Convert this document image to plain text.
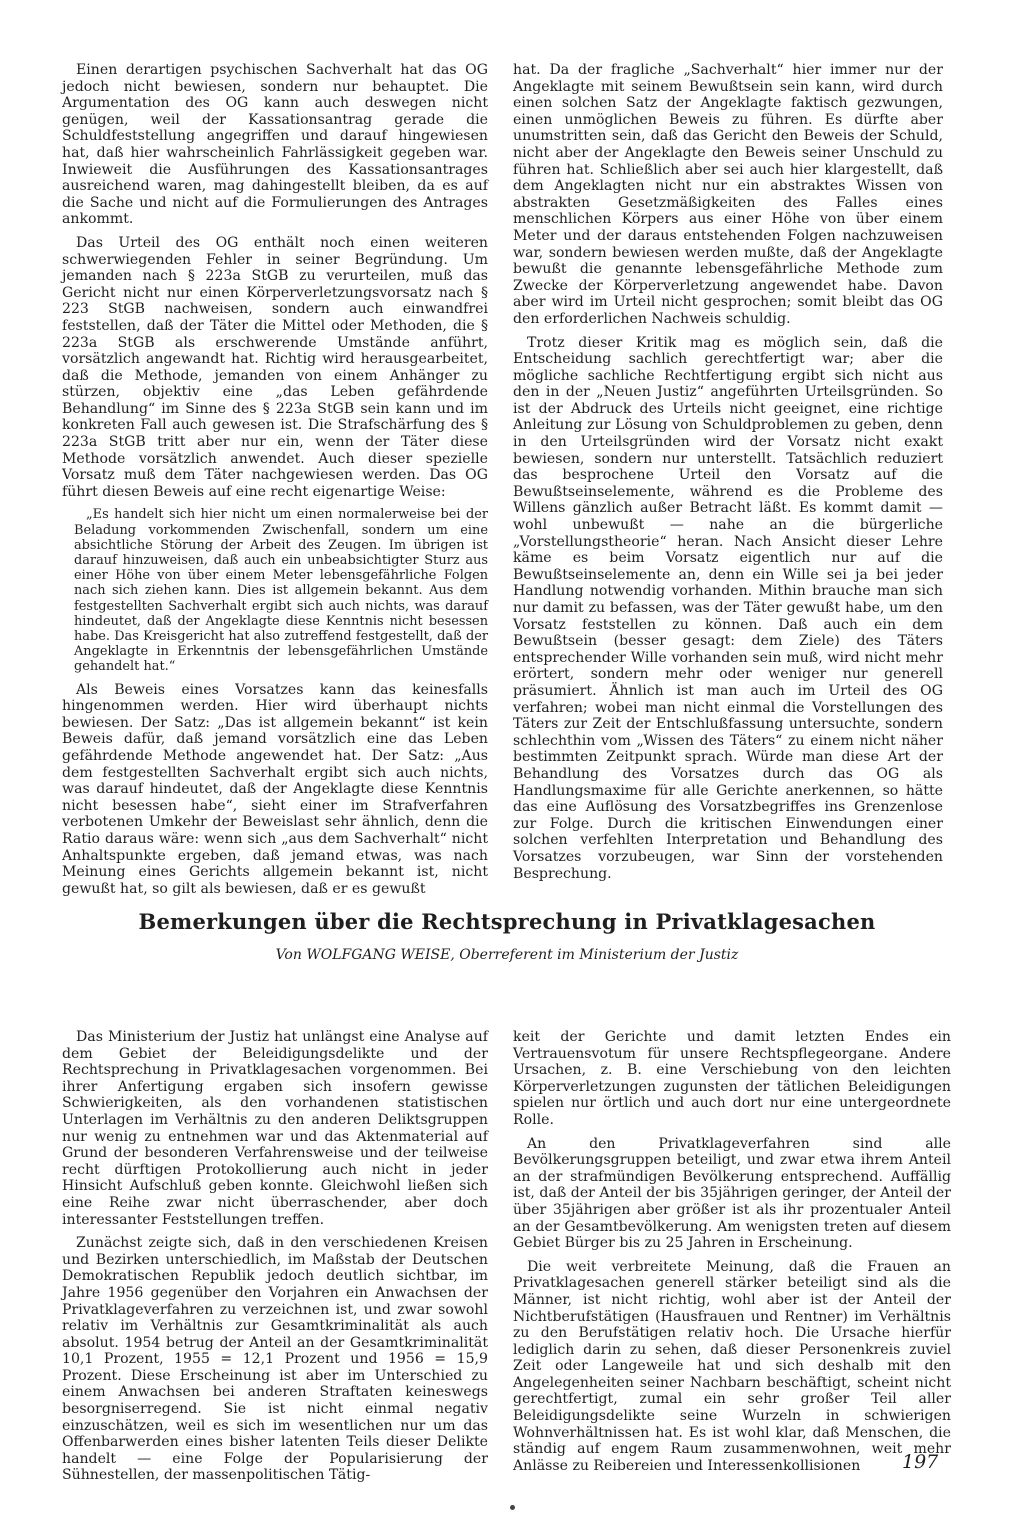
Einen derartigen psychischen Sachverhalt hat das OG jedoch nicht bewiesen, sondern nur behauptet. Die Argumentation des OG kann auch deswegen nicht genügen, weil der Kassationsantrag gerade die Schuldfeststellung angegriffen und darauf hingewiesen hat, daß hier wahrscheinlich Fahrlässigkeit gegeben war. Inwieweit die Ausführungen des Kassationsantrages ausreichend waren, mag dahingestellt bleiben, da es auf die Sache und nicht auf die Formulierungen des Antrages ankommt.

Das Urteil des OG enthält noch einen weiteren schwerwiegenden Fehler in seiner Begründung. Um jemanden nach § 223a StGB zu verurteilen, muß das Gericht nicht nur einen Körperverletzungsvorsatz nach § 223 StGB nachweisen, sondern auch einwandfrei feststellen, daß der Täter die Mittel oder Methoden, die § 223a StGB als erschwerende Umstände anführt, vorsätzlich angewandt hat. Richtig wird herausgearbeitet, daß die Methode, jemanden von einem Anhänger zu stürzen, objektiv eine „das Leben gefährdende Behandlung“ im Sinne des § 223a StGB sein kann und im konkreten Fall auch gewesen ist. Die Strafschärfung des § 223a StGB tritt aber nur ein, wenn der Täter diese Methode vorsätzlich anwendet. Auch dieser spezielle Vorsatz muß dem Täter nachgewiesen werden. Das OG führt diesen Beweis auf eine recht eigenartige Weise:

„Es handelt sich hier nicht um einen normalerweise bei der Beladung vorkommenden Zwischenfall, sondern um eine absichtliche Störung der Arbeit des Zeugen. Im übrigen ist darauf hinzuweisen, daß auch ein unbeabsichtigter Sturz aus einer Höhe von über einem Meter lebensgefährliche Folgen nach sich ziehen kann. Dies ist allgemein bekannt. Aus dem festgestellten Sachverhalt ergibt sich auch nichts, was darauf hindeutet, daß der Angeklagte diese Kenntnis nicht besessen habe. Das Kreisgericht hat also zutreffend festgestellt, daß der Angeklagte in Erkenntnis der lebensgefährlichen Umstände gehandelt hat.“

Als Beweis eines Vorsatzes kann das keinesfalls hingenommen werden. Hier wird überhaupt nichts bewiesen. Der Satz: „Das ist allgemein bekannt“ ist kein Beweis dafür, daß jemand vorsätzlich eine das Leben gefährdende Methode angewendet hat. Der Satz: „Aus dem festgestellten Sachverhalt ergibt sich auch nichts, was darauf hindeutet, daß der Angeklagte diese Kenntnis nicht besessen habe“, sieht einer im Strafverfahren verbotenen Umkehr der Beweislast sehr ähnlich, denn die Ratio daraus wäre: wenn sich „aus dem Sachverhalt“ nicht Anhaltspunkte ergeben, daß jemand etwas, was nach Meinung eines Gerichts allgemein bekannt ist, nicht gewußt hat, so gilt als bewiesen, daß er es gewußt

hat. Da der fragliche „Sachverhalt“ hier immer nur der Angeklagte mit seinem Bewußtsein sein kann, wird durch einen solchen Satz der Angeklagte faktisch gezwungen, einen unmöglichen Beweis zu führen. Es dürfte aber unumstritten sein, daß das Gericht den Beweis der Schuld, nicht aber der Angeklagte den Beweis seiner Unschuld zu führen hat. Schließlich aber sei auch hier klargestellt, daß dem Angeklagten nicht nur ein abstraktes Wissen von abstrakten Gesetzmäßigkeiten des Falles eines menschlichen Körpers aus einer Höhe von über einem Meter und der daraus entstehenden Folgen nachzuweisen war, sondern bewiesen werden mußte, daß der Angeklagte bewußt die genannte lebensgefährliche Methode zum Zwecke der Körperverletzung angewendet habe. Davon aber wird im Urteil nicht gesprochen; somit bleibt das OG den erforderlichen Nachweis schuldig.

Trotz dieser Kritik mag es möglich sein, daß die Entscheidung sachlich gerechtfertigt war; aber die mögliche sachliche Rechtfertigung ergibt sich nicht aus den in der „Neuen Justiz“ angeführten Urteilsgründen. So ist der Abdruck des Urteils nicht geeignet, eine richtige Anleitung zur Lösung von Schuldproblemen zu geben, denn in den Urteilsgründen wird der Vorsatz nicht exakt bewiesen, sondern nur unterstellt. Tatsächlich reduziert das besprochene Urteil den Vorsatz auf die Bewußtseinselemente, während es die Probleme des Willens gänzlich außer Betracht läßt. Es kommt damit — wohl unbewußt — nahe an die bürgerliche „Vorstellungstheorie“ heran. Nach Ansicht dieser Lehre käme es beim Vorsatz eigentlich nur auf die Bewußtseinselemente an, denn ein Wille sei ja bei jeder Handlung notwendig vorhanden. Mithin brauche man sich nur damit zu befassen, was der Täter gewußt habe, um den Vorsatz feststellen zu können. Daß auch ein dem Bewußtsein (besser gesagt: dem Ziele) des Täters entsprechender Wille vorhanden sein muß, wird nicht mehr erörtert, sondern mehr oder weniger nur generell präsumiert. Ähnlich ist man auch im Urteil des OG verfahren; wobei man nicht einmal die Vorstellungen des Täters zur Zeit der Entschlußfassung untersuchte, sondern schlechthin vom „Wissen des Täters“ zu einem nicht näher bestimmten Zeitpunkt sprach. Würde man diese Art der Behandlung des Vorsatzes durch das OG als Handlungsmaxime für alle Gerichte anerkennen, so hätte das eine Auflösung des Vorsatzbegriffes ins Grenzenlose zur Folge. Durch die kritischen Einwendungen einer solchen verfehlten Interpretation und Behandlung des Vorsatzes vorzubeugen, war Sinn der vorstehenden Besprechung.

Bemerkungen über die Rechtsprechung in Privatklagesachen
Von WOLFGANG WEISE, Oberreferent im Ministerium der Justiz

Das Ministerium der Justiz hat unlängst eine Analyse auf dem Gebiet der Beleidigungsdelikte und der Rechtsprechung in Privatklagesachen vorgenommen. Bei ihrer Anfertigung ergaben sich insofern gewisse Schwierigkeiten, als den vorhandenen statistischen Unterlagen im Verhältnis zu den anderen Deliktsgruppen nur wenig zu entnehmen war und das Aktenmaterial auf Grund der besonderen Verfahrensweise und der teilweise recht dürftigen Protokollierung auch nicht in jeder Hinsicht Aufschluß geben konnte. Gleichwohl ließen sich eine Reihe zwar nicht überraschender, aber doch interessanter Feststellungen treffen.

Zunächst zeigte sich, daß in den verschiedenen Kreisen und Bezirken unterschiedlich, im Maßstab der Deutschen Demokratischen Republik jedoch deutlich sichtbar, im Jahre 1956 gegenüber den Vorjahren ein Anwachsen der Privatklageverfahren zu verzeichnen ist, und zwar sowohl relativ im Verhältnis zur Gesamtkriminalität als auch absolut. 1954 betrug der Anteil an der Gesamtkriminalität 10,1 Prozent, 1955 = 12,1 Prozent und 1956 = 15,9 Prozent. Diese Erscheinung ist aber im Unterschied zu einem Anwachsen bei anderen Straftaten keineswegs besorgniserregend. Sie ist nicht einmal negativ einzuschätzen, weil es sich im wesentlichen nur um das Offenbarwerden eines bisher latenten Teils dieser Delikte handelt — eine Folge der Popularisierung der Sühnestellen, der massenpolitischen Tätig-

keit der Gerichte und damit letzten Endes ein Vertrauensvotum für unsere Rechtspflegeorgane. Andere Ursachen, z. B. eine Verschiebung von den leichten Körperverletzungen zugunsten der tätlichen Beleidigungen spielen nur örtlich und auch dort nur eine untergeordnete Rolle.

An den Privatklageverfahren sind alle Bevölkerungsgruppen beteiligt, und zwar etwa ihrem Anteil an der strafmündigen Bevölkerung entsprechend. Auffällig ist, daß der Anteil der bis 35jährigen geringer, der Anteil der über 35jährigen aber größer ist als ihr prozentualer Anteil an der Gesamtbevölkerung. Am wenigsten treten auf diesem Gebiet Bürger bis zu 25 Jahren in Erscheinung.

Die weit verbreitete Meinung, daß die Frauen an Privatklagesachen generell stärker beteiligt sind als die Männer, ist nicht richtig, wohl aber ist der Anteil der Nichtberufstätigen (Hausfrauen und Rentner) im Verhältnis zu den Berufstätigen relativ hoch. Die Ursache hierfür lediglich darin zu sehen, daß dieser Personenkreis zuviel Zeit oder Langeweile hat und sich deshalb mit den Angelegenheiten seiner Nachbarn beschäftigt, scheint nicht gerechtfertigt, zumal ein sehr großer Teil aller Beleidigungsdelikte seine Wurzeln in schwierigen Wohnverhältnissen hat. Es ist wohl klar, daß Menschen, die ständig auf engem Raum zusammenwohnen, weit mehr Anlässe zu Reibereien und Interessenkollisionen	197
